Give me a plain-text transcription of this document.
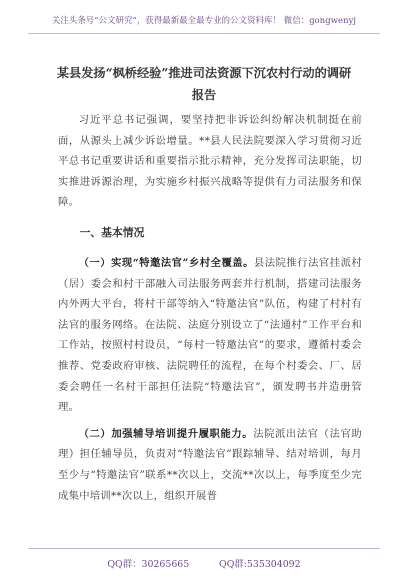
关注头条号“公文研究”，获得最新最全最专业的公文资料库！ 微信：gongwenyj
某县发扬“枫桥经验”推进司法资源下沉农村行动的调研
报告

习近平总书记强调，要坚持把非诉讼纠纷解决机制挺在前面，从源头上减少诉讼增量。**县人民法院要深入学习贯彻习近平总书记重要讲话和重要指示批示精神，充分发挥司法职能，切实推进诉源治理，为实施乡村振兴战略等提供有力司法服务和保障。

一、基本情况

（一）实现“特邀法官”乡村全覆盖。县法院推行法官挂派村（居）委会和村干部融入司法服务两套并行机制，搭建司法服务内外两大平台，将村干部等纳入“特邀法官”队伍，构建了村村有法官的服务网络。在法院、法庭分别设立了“法通村”工作平台和工作站，按照村村设员，“每村一特邀法官”的要求，遵循村委会推荐、党委政府审核、法院聘任的流程，在每个村委会、厂、居委会聘任一名村干部担任法院“特邀法官”，颁发聘书并造册管理。

（二）加强辅导培训提升履职能力。法院派出法官（法官助理）担任辅导员，负责对“特邀法官”跟踪辅导、结对培训，每月至少与“特邀法官”联系**次以上，交流**次以上，每季度至少完成集中培训**次以上，组织开展普

QQ群：30265665          QQ群:535304092
